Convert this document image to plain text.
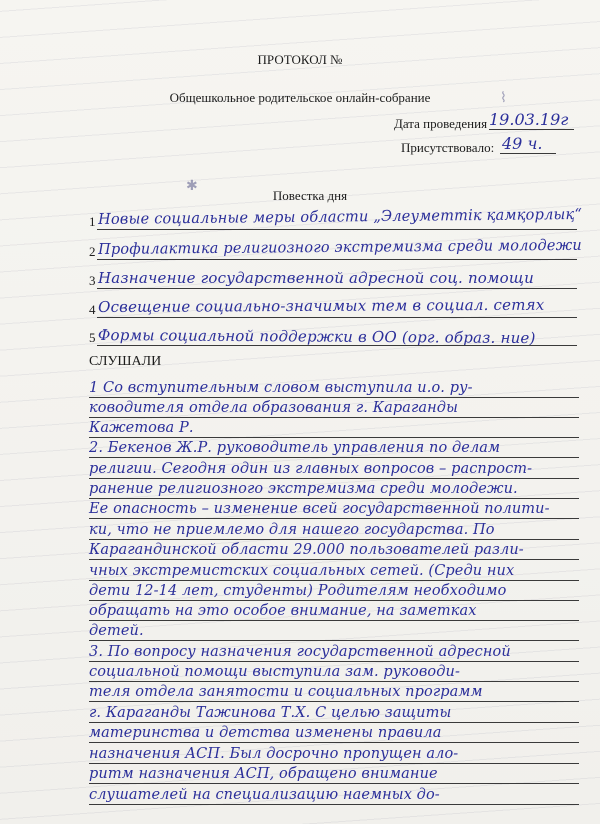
✱
⌇
ПРОТОКОЛ №
Общешкольное родительское онлайн-собрание
Дата проведения 19.03.19г
Присутствовало: 49 ч.
Повестка дня
1 Новые социальные меры области „Элеуметтік қамқорлық“
2 Профилактика религиозного экстремизма среди молодежи
3 Назначение государственной адресной соц. помощи
4 Освещение социально-значимых тем в социал. сетях
5 Формы социальной поддержки в ОО (орг. образ. ние)
СЛУШАЛИ
1 Со вступительным словом выступила и.о. ру-
ководителя отдела образования г. Караганды
Кажетова Р.
2. Бекенов Ж.Р. руководитель управления по делам
религии. Сегодня один из главных вопросов – распрост-
ранение религиозного экстремизма среди молодежи.
Ее опасность – изменение всей государственной полити-
ки, что не приемлемо для нашего государства. По
Карагандинской области 29.000 пользователей разли-
чных экстремистских социальных сетей. (Среди них
дети 12-14 лет, студенты) Родителям необходимо
обращать на это особое внимание, на заметках
детей.
3. По вопросу назначения государственной адресной
социальной помощи выступила зам. руководи-
теля отдела занятости и социальных программ
г. Караганды Тажинова Т.Х. С целью защиты
материнства и детства изменены правила
назначения АСП. Был досрочно пропущен ало-
ритм назначения АСП, обращено внимание
слушателей на специализацию наемных до-
